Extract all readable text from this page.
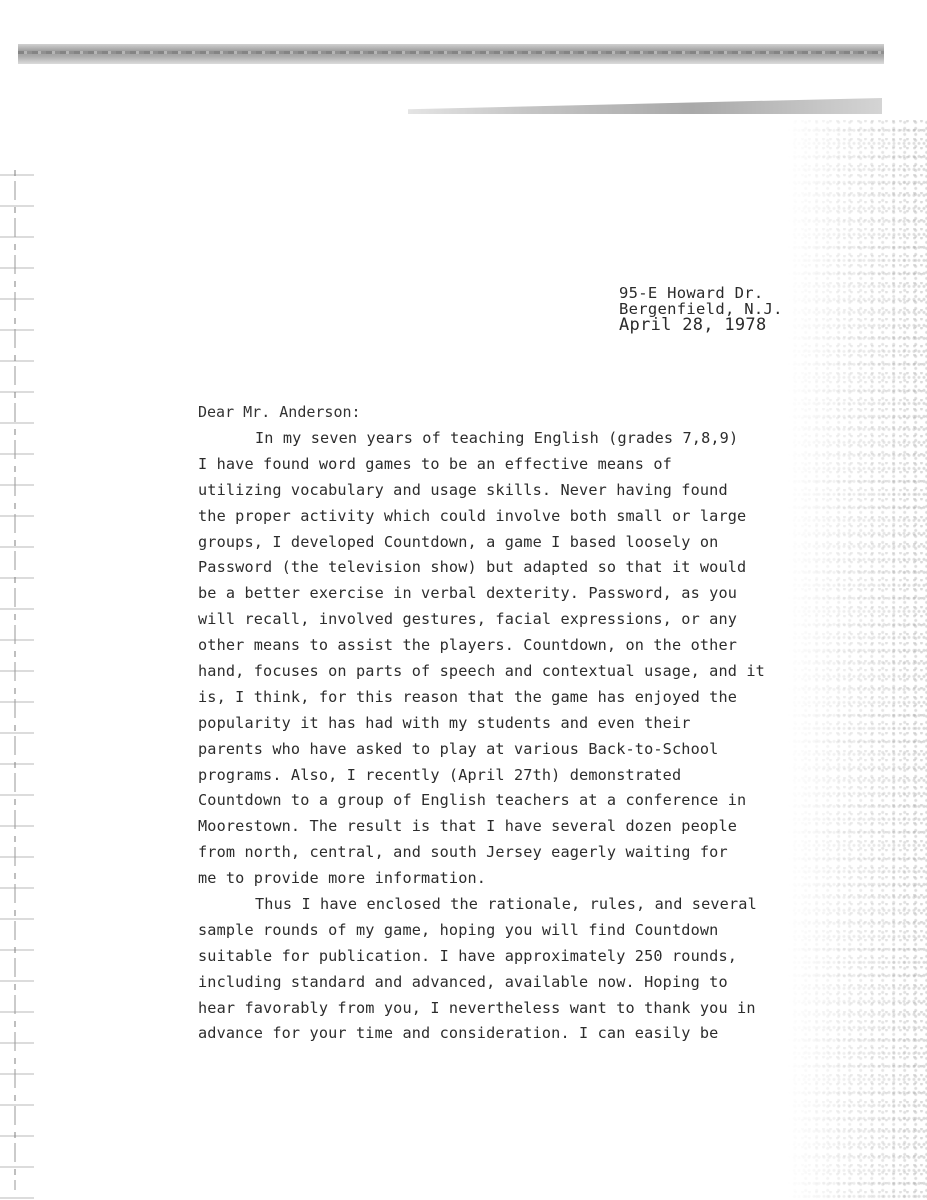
95-E Howard Dr.
Bergenfield, N.J.
April 28, 1978
Dear Mr. Anderson:
In my seven years of teaching English (grades 7,8,9)
I have found word games to be an effective means of
utilizing vocabulary and usage skills. Never having found
the proper activity which could involve both small or large
groups, I developed Countdown, a game I based loosely on
Password (the television show) but adapted so that it would
be a better exercise in verbal dexterity. Password, as you
will recall, involved gestures, facial expressions, or any
other means to assist the players. Countdown, on the other
hand, focuses on parts of speech and contextual usage, and it
is, I think, for this reason that the game has enjoyed the
popularity it has had with my students and even their
parents who have asked to play at various Back-to-School
programs. Also, I recently (April 27th) demonstrated
Countdown to a group of English teachers at a conference in
Moorestown. The result is that I have several dozen people
from north, central, and south Jersey eagerly waiting for
me to provide more information.
Thus I have enclosed the rationale, rules, and several
sample rounds of my game, hoping you will find Countdown
suitable for publication. I have approximately 250 rounds,
including standard and advanced, available now. Hoping to
hear favorably from you, I nevertheless want to thank you in
advance for your time and consideration. I can easily be
